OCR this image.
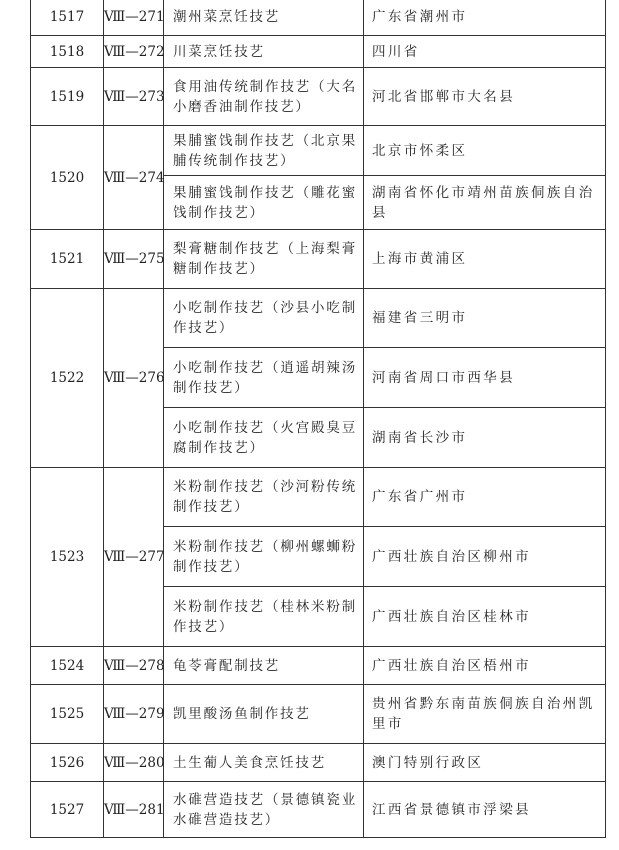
1517	Ⅷ—271	潮州菜烹饪技艺	广东省潮州市
1518	Ⅷ—272	川菜烹饪技艺	四川省
1519	Ⅷ—273	食用油传统制作技艺（大名小磨香油制作技艺）	河北省邯郸市大名县
1520	Ⅷ—274	果脯蜜饯制作技艺（北京果脯传统制作技艺）	北京市怀柔区
		果脯蜜饯制作技艺（雕花蜜饯制作技艺）	湖南省怀化市靖州苗族侗族自治县
1521	Ⅷ—275	梨膏糖制作技艺（上海梨膏糖制作技艺）	上海市黄浦区
1522	Ⅷ—276	小吃制作技艺（沙县小吃制作技艺）	福建省三明市
		小吃制作技艺（逍遥胡辣汤制作技艺）	河南省周口市西华县
		小吃制作技艺（火宫殿臭豆腐制作技艺）	湖南省长沙市
1523	Ⅷ—277	米粉制作技艺（沙河粉传统制作技艺）	广东省广州市
		米粉制作技艺（柳州螺蛳粉制作技艺）	广西壮族自治区柳州市
		米粉制作技艺（桂林米粉制作技艺）	广西壮族自治区桂林市
1524	Ⅷ—278	龟苓膏配制技艺	广西壮族自治区梧州市
1525	Ⅷ—279	凯里酸汤鱼制作技艺	贵州省黔东南苗族侗族自治州凯里市
1526	Ⅷ—280	土生葡人美食烹饪技艺	澳门特别行政区
1527	Ⅷ—281	水碓营造技艺（景德镇瓷业水碓营造技艺）	江西省景德镇市浮梁县
